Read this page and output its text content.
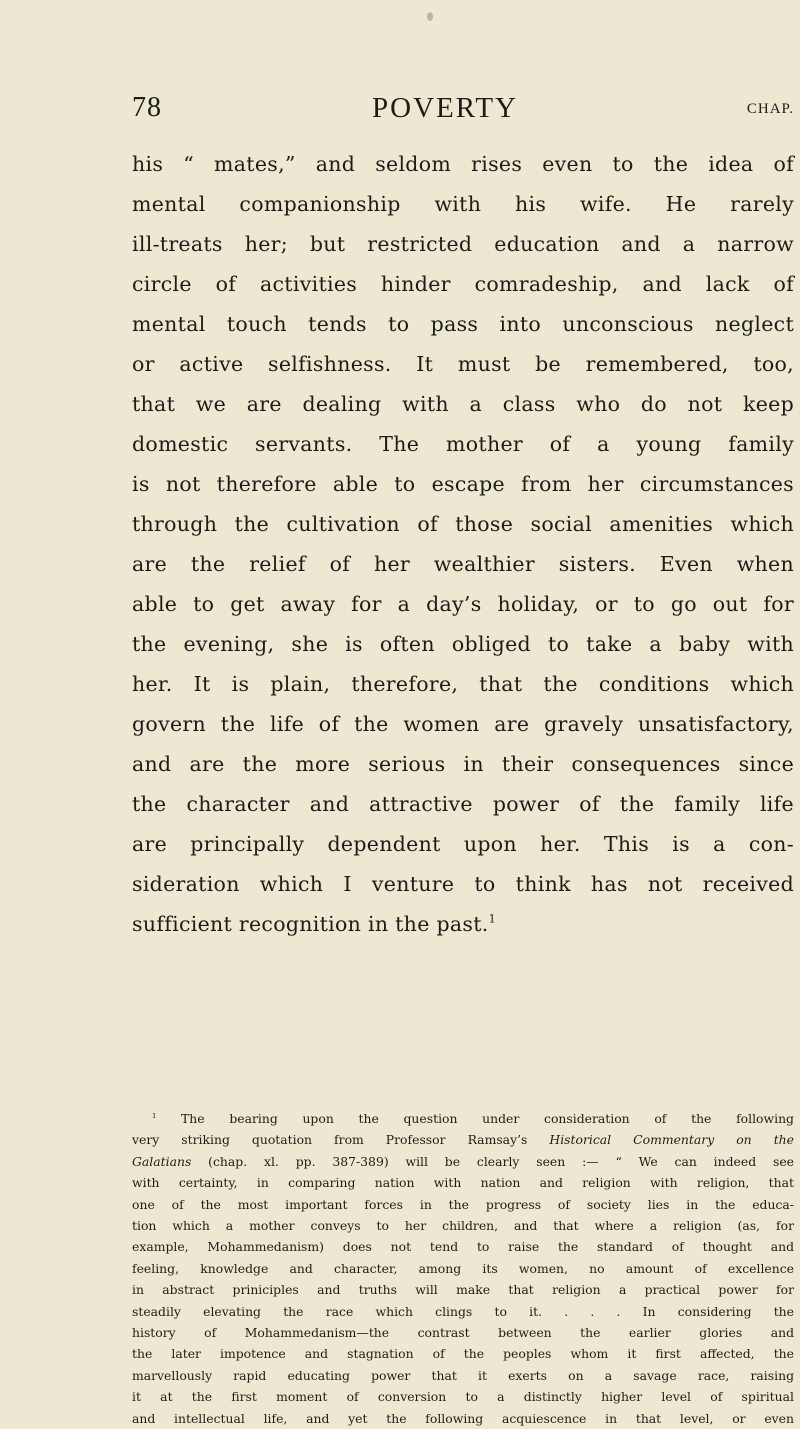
78	POVERTY	CHAP.
his “ mates,” and seldom rises even to the idea of
mental companionship with his wife. He rarely
ill-treats her; but restricted education and a narrow
circle of activities hinder comradeship, and lack of
mental touch tends to pass into unconscious neglect
or active selfishness. It must be remembered, too,
that we are dealing with a class who do not keep
domestic servants. The mother of a young family
is not therefore able to escape from her circumstances
through the cultivation of those social amenities which
are the relief of her wealthier sisters. Even when
able to get away for a day’s holiday, or to go out for
the evening, she is often obliged to take a baby with
her. It is plain, therefore, that the conditions which
govern the life of the women are gravely unsatisfactory,
and are the more serious in their consequences since
the character and attractive power of the family life
are principally dependent upon her. This is a con-
sideration which I venture to think has not received
sufficient recognition in the past.$^1$
$^1$ The bearing upon the question under consideration of the following
very striking quotation from Professor Ramsay’s Historical Commentary on the
Galatians (chap. xl. pp. 387-389) will be clearly seen :— “ We can indeed see
with certainty, in comparing nation with nation and religion with religion, that
one of the most important forces in the progress of society lies in the educa-
tion which a mother conveys to her children, and that where a religion (as, for
example, Mohammedanism) does not tend to raise the standard of thought and
feeling, knowledge and character, among its women, no amount of excellence
in abstract priniciples and truths will make that religion a practical power for
steadily elevating the race which clings to it. . . . In considering the
history of Mohammedanism—the contrast between the earlier glories and
the later impotence and stagnation of the peoples whom it first affected, the
marvellously rapid educating power that it exerts on a savage race, raising
it at the first moment of conversion to a distinctly higher level of spiritual
and intellectual life, and yet the following acquiescence in that level, or even
